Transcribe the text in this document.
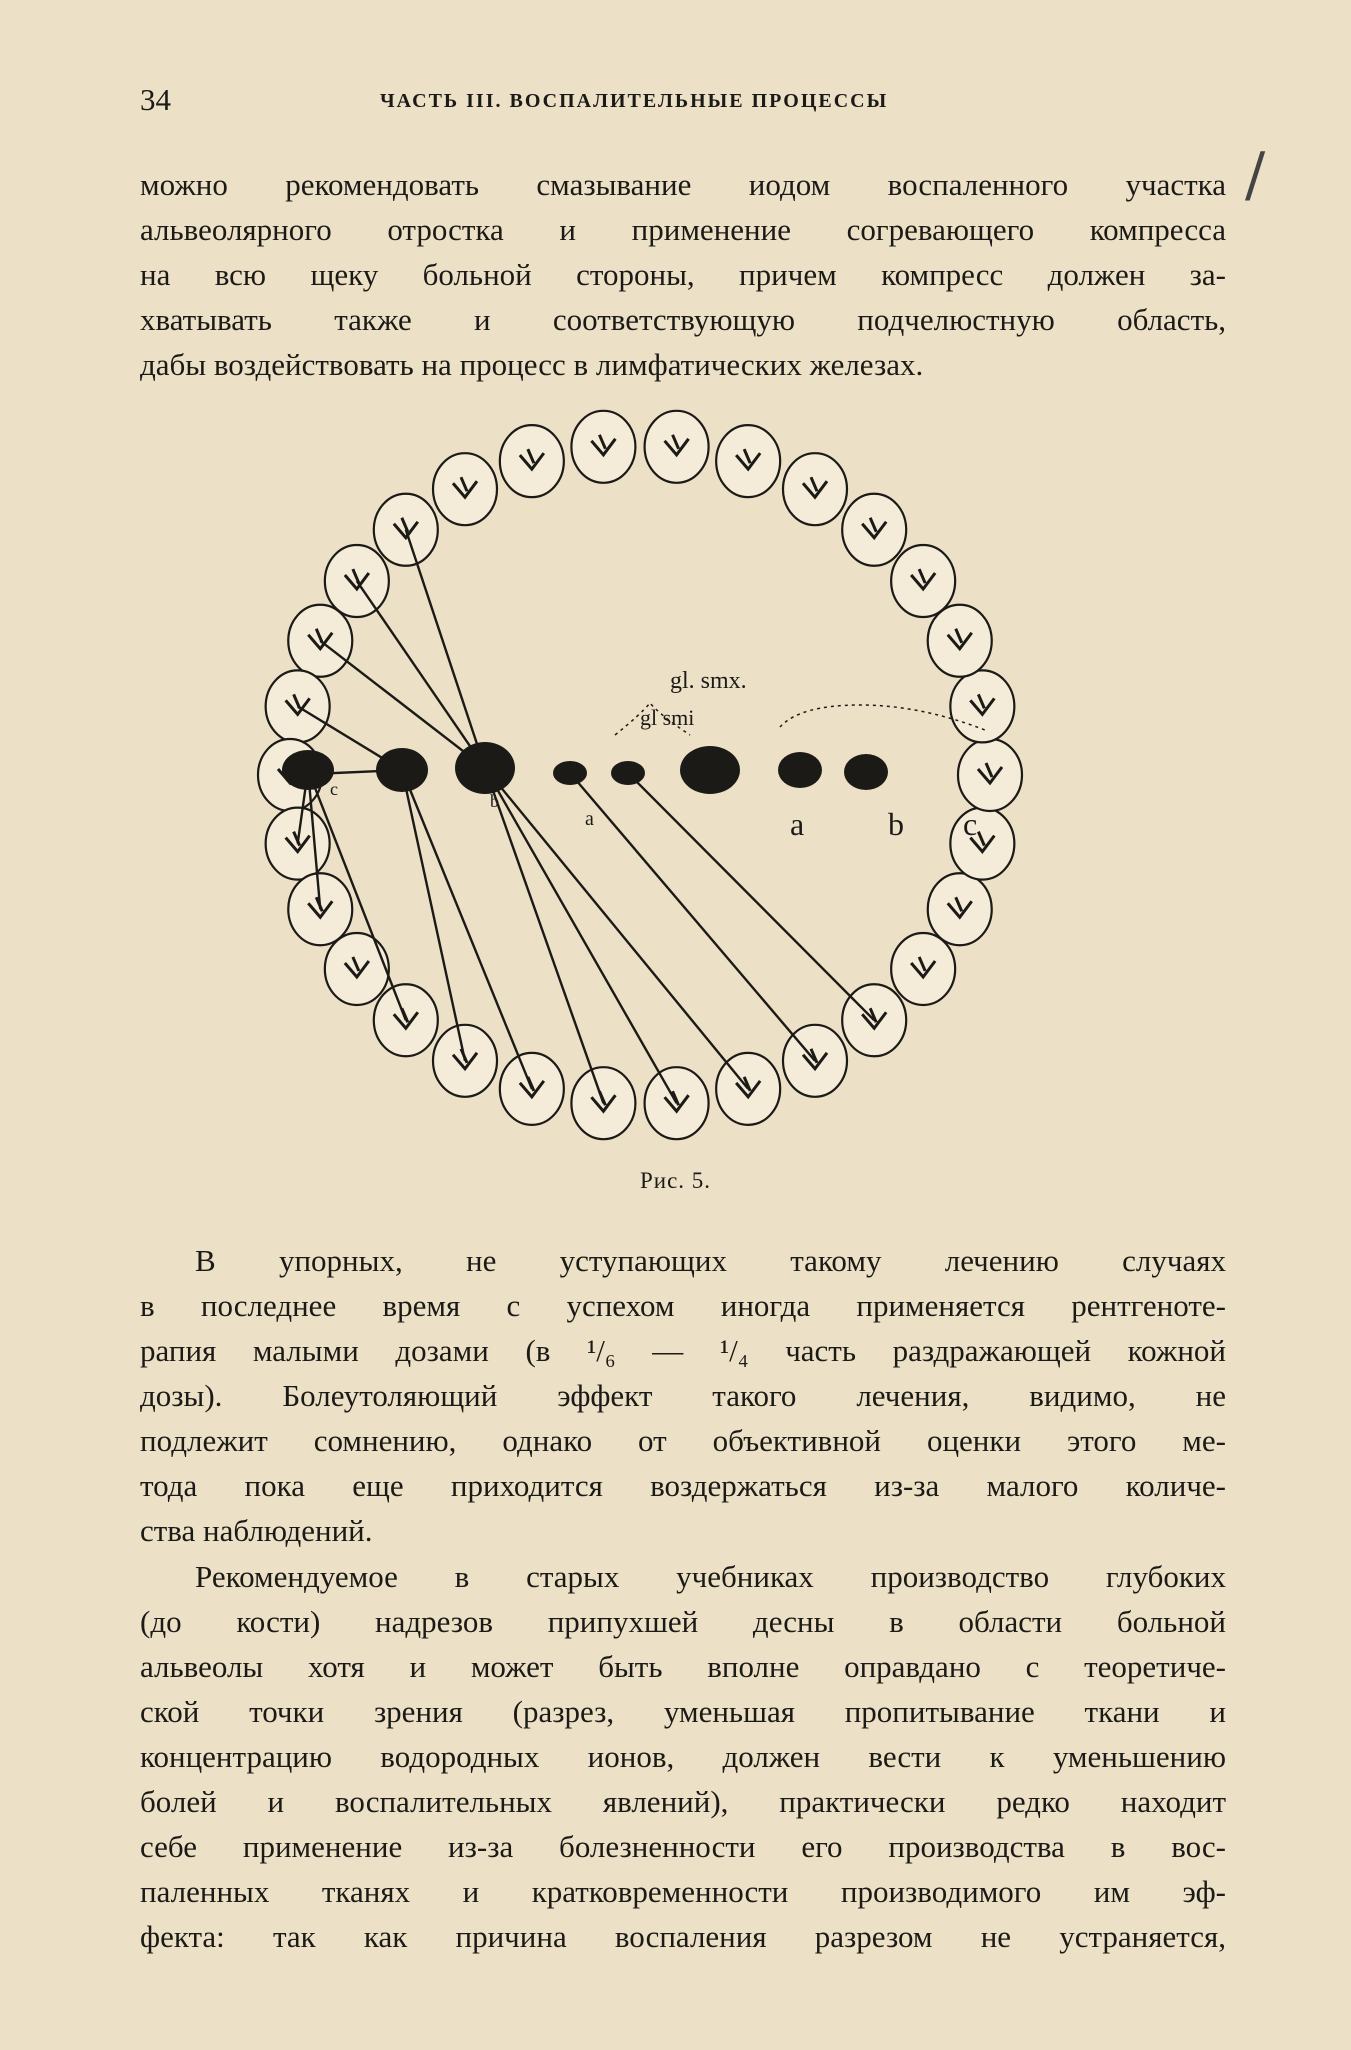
34	ЧАСТЬ III. ВОСПАЛИТЕЛЬНЫЕ ПРОЦЕССЫ
/
можно рекомендовать смазывание иодом воспаленного участка
альвеолярного отростка и применение согревающего компресса
на всю щеку больной стороны, причем компресс должен за-
хватывать также и соответствующую подчелюстную область,
дабы воздействовать на процесс в лимфатических железах.
gl. smx.
gl smi
a	b c
a
b
c
Рис. 5.
В упорных, не уступающих такому лечению случаях
в последнее время с успехом иногда применяется рентгеноте-
рапия малыми дозами (в ¹/₆ — ¹/₄ часть раздражающей кожной
дозы). Болеутоляющий эффект такого лечения, видимо, не
подлежит сомнению, однако от объективной оценки этого ме-
тода пока еще приходится воздержаться из-за малого количе-
ства наблюдений.
Рекомендуемое в старых учебниках производство глубоких
(до кости) надрезов припухшей десны в области больной
альвеолы хотя и может быть вполне оправдано с теоретиче-
ской точки зрения (разрез, уменьшая пропитывание ткани и
концентрацию водородных ионов, должен вести к уменьшению
болей и воспалительных явлений), практически редко находит
себе применение из-за болезненности его производства в вос-
паленных тканях и кратковременности производимого им эф-
фекта: так как причина воспаления разрезом не устраняется,
